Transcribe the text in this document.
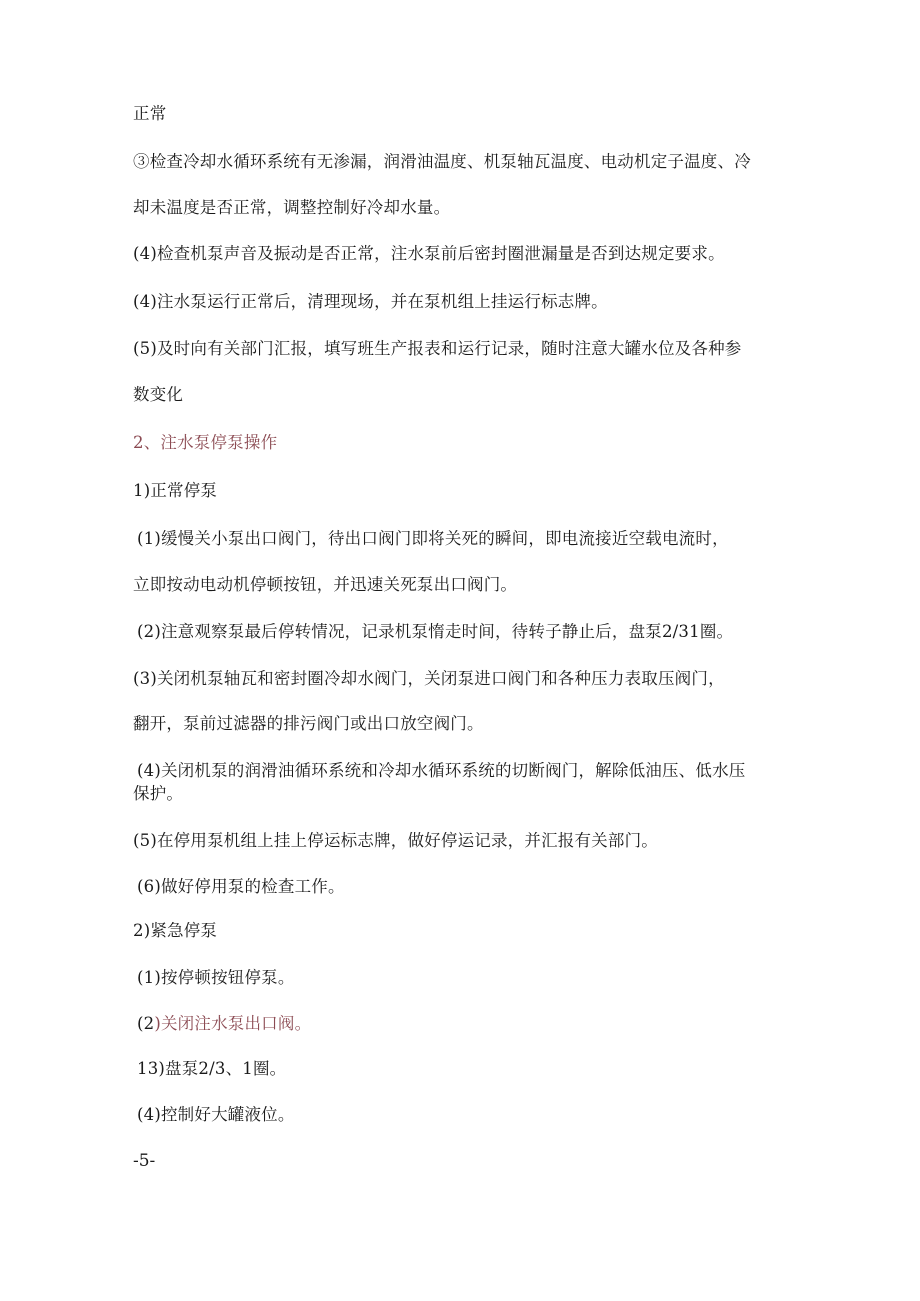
正常
③检查冷却水循环系统有无渗漏，润滑油温度、机泵轴瓦温度、电动机定子温度、冷
却未温度是否正常，调整控制好冷却水量。
(4)检查机泵声音及振动是否正常，注水泵前后密封圈泄漏量是否到达规定要求。
(4)注水泵运行正常后，清理现场，并在泵机组上挂运行标志牌。
(5)及时向有关部门汇报，填写班生产报表和运行记录，随时注意大罐水位及各种参
数变化
2、注水泵停泵操作
1)正常停泵
(1)缓慢关小泵出口阀门，待出口阀门即将关死的瞬间，即电流接近空载电流时，
立即按动电动机停顿按钮，并迅速关死泵出口阀门。
(2)注意观察泵最后停转情况，记录机泵惰走时间，待转子静止后，盘泵2/31圈。
(3)关闭机泵轴瓦和密封圈冷却水阀门，关闭泵进口阀门和各种压力表取压阀门，
翻开，泵前过滤器的排污阀门或出口放空阀门。
(4)关闭机泵的润滑油循环系统和冷却水循环系统的切断阀门，解除低油压、低水压
保护。
(5)在停用泵机组上挂上停运标志牌，做好停运记录，并汇报有关部门。
(6)做好停用泵的检查工作。
2)紧急停泵
(1)按停顿按钮停泵。
(2)关闭注水泵出口阀。
13)盘泵2/3、1圈。
(4)控制好大罐液位。
-5-
